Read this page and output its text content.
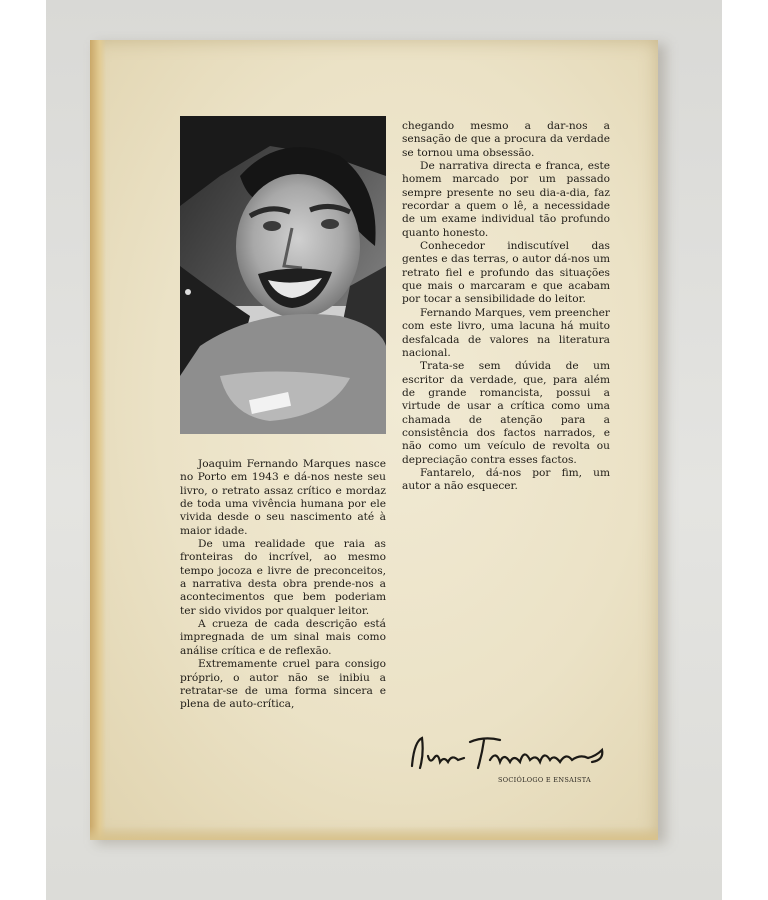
Joaquim Fernando Marques nasce no Porto em 1943 e dá-nos neste seu livro, o retrato assaz crítico e mordaz de toda uma vivência humana por ele vivida desde o seu nascimento até à maior idade.

De uma realidade que raia as fronteiras do incrível, ao mesmo tempo jocoza e livre de preconceitos, a narrativa desta obra prende-nos a acontecimentos que bem poderiam ter sido vividos por qualquer leitor.

A crueza de cada descrição está impregnada de um sinal mais como análise crítica e de reflexão.

Extremamente cruel para consigo próprio, o autor não se inibiu a retratar-se de uma forma sincera e plena de auto-crítica,

chegando mesmo a dar-nos a sensação de que a procura da verdade se tornou uma obsessão.

De narrativa directa e franca, este homem marcado por um passado sempre presente no seu dia-a-dia, faz recordar a quem o lê, a necessidade de um exame individual tão profundo quanto honesto.

Conhecedor indiscutível das gentes e das terras, o autor dá-nos um retrato fiel e profundo das situações que mais o marcaram e que acabam por tocar a sensibilidade do leitor.

Fernando Marques, vem preencher com este livro, uma lacuna há muito desfalcada de valores na literatura nacional.

Trata-se sem dúvida de um escritor da verdade, que, para além de grande romancista, possui a virtude de usar a crítica como uma chamada de atenção para a consistência dos factos narrados, e não como um veículo de revolta ou depreciação contra esses factos.

Fantarelo, dá-nos por fim, um autor a não esquecer.

SOCIÓLOGO E ENSAISTA
